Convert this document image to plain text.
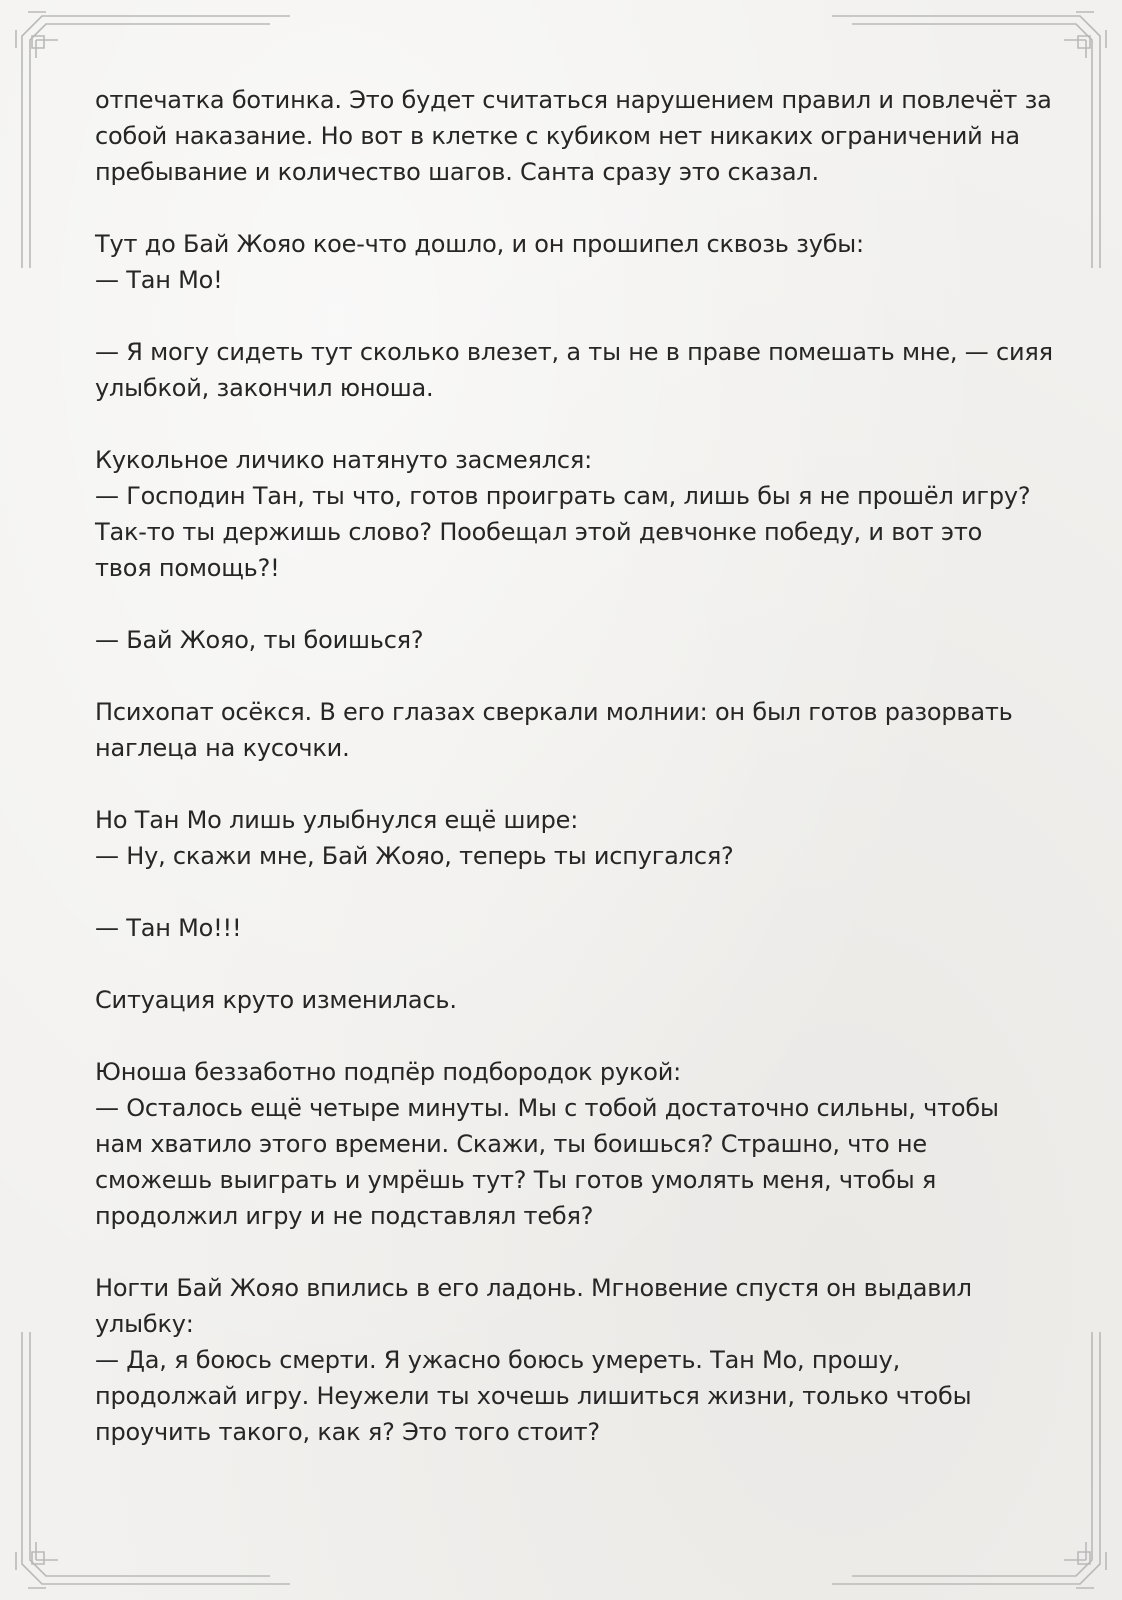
отпечатка ботинка. Это будет считаться нарушением правил и повлечёт за
собой наказание. Но вот в клетке с кубиком нет никаких ограничений на
пребывание и количество шагов. Санта сразу это сказал.

Тут до Бай Жояо кое-что дошло, и он прошипел сквозь зубы:
— Тан Мо!

— Я могу сидеть тут сколько влезет, а ты не в праве помешать мне, — сияя
улыбкой, закончил юноша.

Кукольное личико натянуто засмеялся:
— Господин Тан, ты что, готов проиграть сам, лишь бы я не прошёл игру?
Так-то ты держишь слово? Пообещал этой девчонке победу, и вот это
твоя помощь?!

— Бай Жояо, ты боишься?

Психопат осёкся. В его глазах сверкали молнии: он был готов разорвать
наглеца на кусочки.

Но Тан Мо лишь улыбнулся ещё шире:
— Ну, скажи мне, Бай Жояо, теперь ты испугался?

— Тан Мо!!!

Ситуация круто изменилась.

Юноша беззаботно подпёр подбородок рукой:
— Осталось ещё четыре минуты. Мы с тобой достаточно сильны, чтобы
нам хватило этого времени. Скажи, ты боишься? Страшно, что не
сможешь выиграть и умрёшь тут? Ты готов умолять меня, чтобы я
продолжил игру и не подставлял тебя?

Ногти Бай Жояо впились в его ладонь. Мгновение спустя он выдавил
улыбку:
— Да, я боюсь смерти. Я ужасно боюсь умереть. Тан Мо, прошу,
продолжай игру. Неужели ты хочешь лишиться жизни, только чтобы
проучить такого, как я? Это того стоит?
